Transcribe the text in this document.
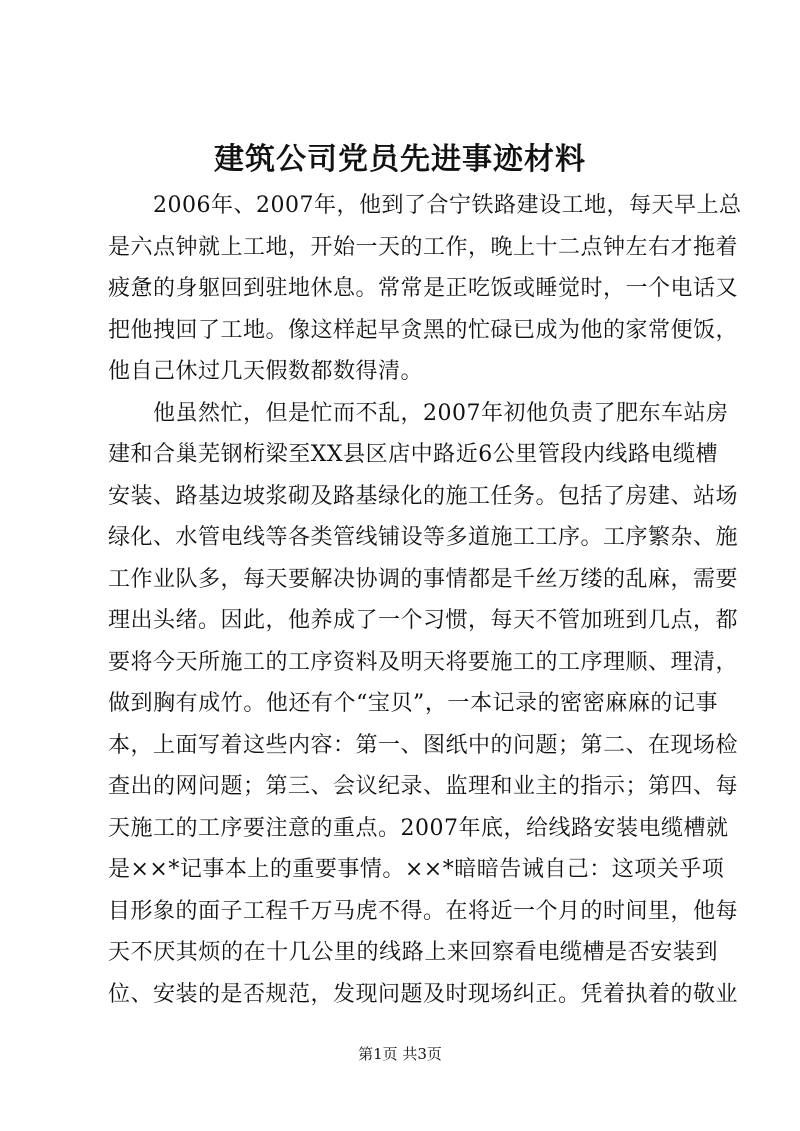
建筑公司党员先进事迹材料
　　2006年、2007年，他到了合宁铁路建设工地，每天早上总
是六点钟就上工地，开始一天的工作，晚上十二点钟左右才拖着
疲惫的身躯回到驻地休息。常常是正吃饭或睡觉时，一个电话又
把他拽回了工地。像这样起早贪黑的忙碌已成为他的家常便饭，
他自己休过几天假数都数得清。
　　他虽然忙，但是忙而不乱，2007年初他负责了肥东车站房
建和合巢芜钢桁梁至XX县区店中路近6公里管段内线路电缆槽
安装、路基边坡浆砌及路基绿化的施工任务。包括了房建、站场
绿化、水管电线等各类管线铺设等多道施工工序。工序繁杂、施
工作业队多，每天要解决协调的事情都是千丝万缕的乱麻，需要
理出头绪。因此，他养成了一个习惯，每天不管加班到几点，都
要将今天所施工的工序资料及明天将要施工的工序理顺、理清，
做到胸有成竹。他还有个“宝贝”，一本记录的密密麻麻的记事
本，上面写着这些内容：第一、图纸中的问题；第二、在现场检
查出的网问题；第三、会议纪录、监理和业主的指示；第四、每
天施工的工序要注意的重点。2007年底，给线路安装电缆槽就
是××*记事本上的重要事情。××*暗暗告诫自己：这项关乎项
目形象的面子工程千万马虎不得。在将近一个月的时间里，他每
天不厌其烦的在十几公里的线路上来回察看电缆槽是否安装到
位、安装的是否规范，发现问题及时现场纠正。凭着执着的敬业
第1页 共3页
